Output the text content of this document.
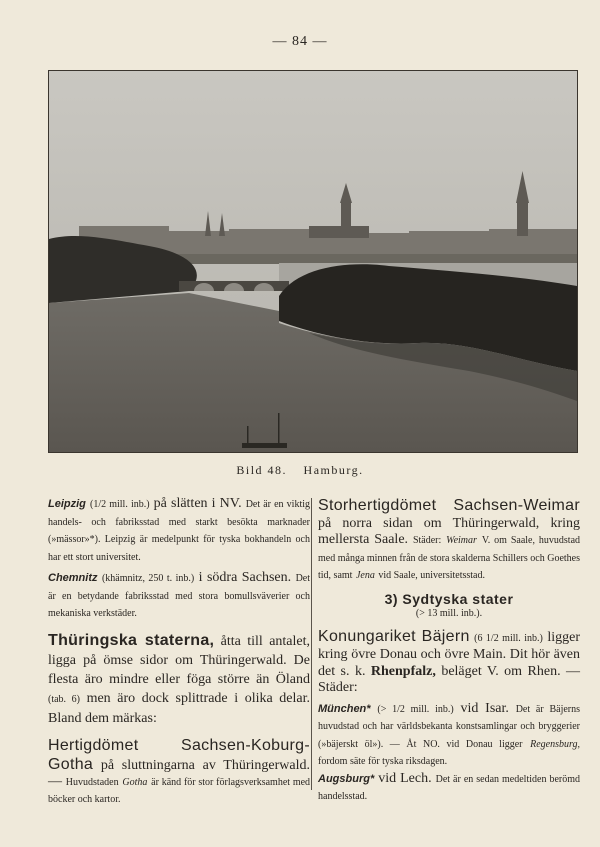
— 84 —
Bild 48. Hamburg.

Leipzig (1/2 mill. inb.) på slätten i NV. Det är en viktig handels- och fabriksstad med starkt besökta marknader (»mässor»*). Leipzig är medelpunkt för tyska bokhandeln och har ett stort universitet.

Chemnitz (khämnitz, 250 t. inb.) i södra Sachsen. Det är en betydande fabriksstad med stora bomullsväverier och mekaniska verkstäder.

Thüringska staterna, åtta till antalet, ligga på ömse sidor om Thüringerwald. De flesta äro mindre eller föga större än Öland (tab. 6) men äro dock splittrade i olika delar. Bland dem märkas:

Hertigdömet Sachsen-Koburg-Gotha på sluttningarna av Thüringerwald. — Huvudstaden Gotha är känd för stor förlagsverksamhet med böcker och kartor.

Storhertigdömet Sachsen-Weimar på norra sidan om Thüringerwald, kring mellersta Saale. Städer: Weimar V. om Saale, huvudstad med många minnen från de stora skalderna Schillers och Goethes tid, samt Jena vid Saale, universitetsstad.

3) Sydtyska stater
(> 13 mill. inb.).

Konungariket Bäjern (6 1/2 mill. inb.) ligger kring övre Donau och övre Main. Dit hör även det s. k. Rhenpfalz, beläget V. om Rhen. — Städer:

München* (> 1/2 mill. inb.) vid Isar. Det är Bäjerns huvudstad och har världsbekanta konstsamlingar och bryggerier (»bäjerskt öl»). — Åt NO. vid Donau ligger Regensburg, fordom säte för tyska riksdagen.

Augsburg* vid Lech. Det är en sedan medeltiden berömd handelsstad.
